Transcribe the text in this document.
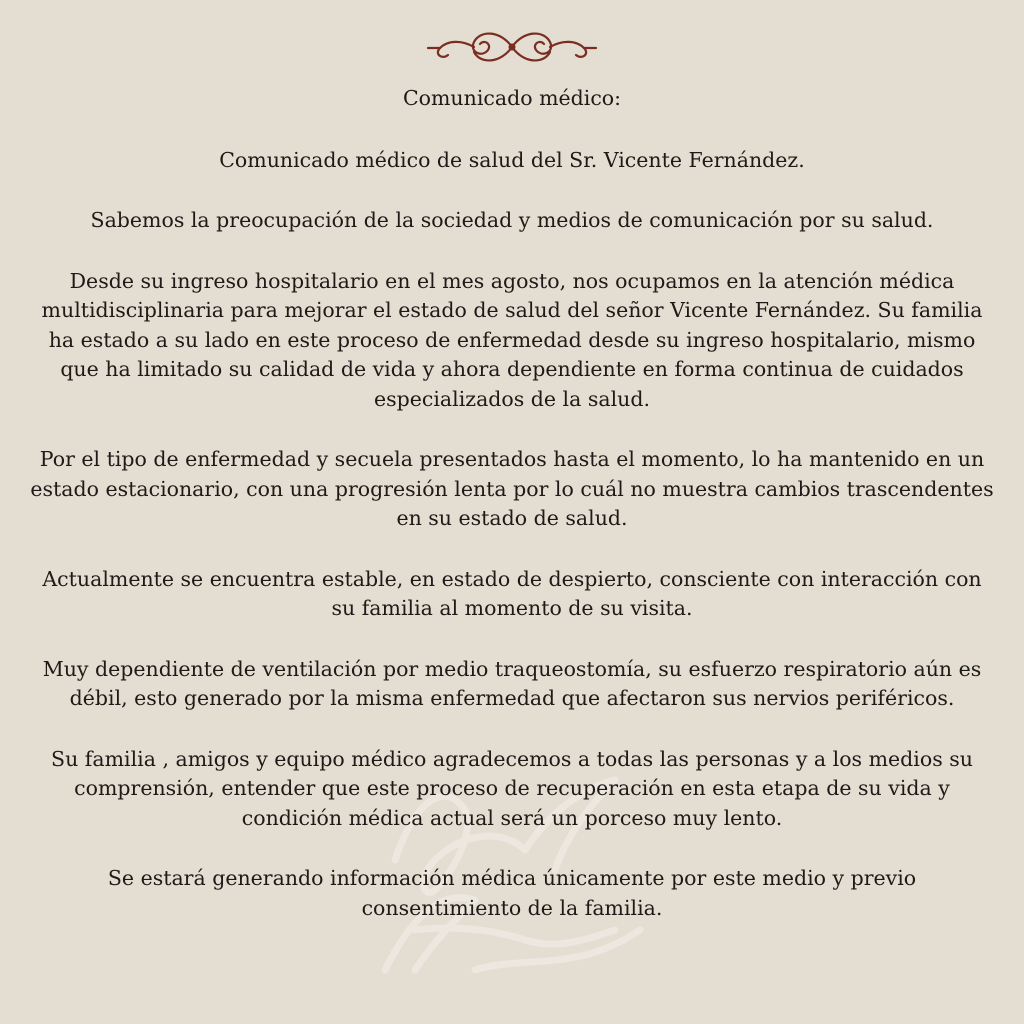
Comunicado médico:

Comunicado médico de salud del Sr. Vicente Fernández.

Sabemos la preocupación de la sociedad y medios de comunicación por su salud.

Desde su ingreso hospitalario en el mes agosto, nos ocupamos en la atención médica multidisciplinaria para mejorar el estado de salud del señor Vicente Fernández. Su familia ha estado a su lado en este proceso de enfermedad desde su ingreso hospitalario, mismo que ha limitado su calidad de vida y ahora dependiente en forma continua de cuidados especializados de la salud.

Por el tipo de enfermedad y secuela presentados hasta el momento, lo ha mantenido en un estado estacionario, con una progresión lenta por lo cuál no muestra cambios trascendentes en su estado de salud.

Actualmente se encuentra estable, en estado de despierto, consciente con interacción con su familia al momento de su visita.

Muy dependiente de ventilación por medio traqueostomía, su esfuerzo respiratorio aún es débil, esto generado por la misma enfermedad que afectaron sus nervios periféricos.

Su familia , amigos y equipo médico agradecemos a todas las personas y a los medios su comprensión, entender que este proceso de recuperación en esta etapa de su vida y condición médica actual será un porceso muy lento.

Se estará generando información médica únicamente por este medio y previo consentimiento de la familia.
